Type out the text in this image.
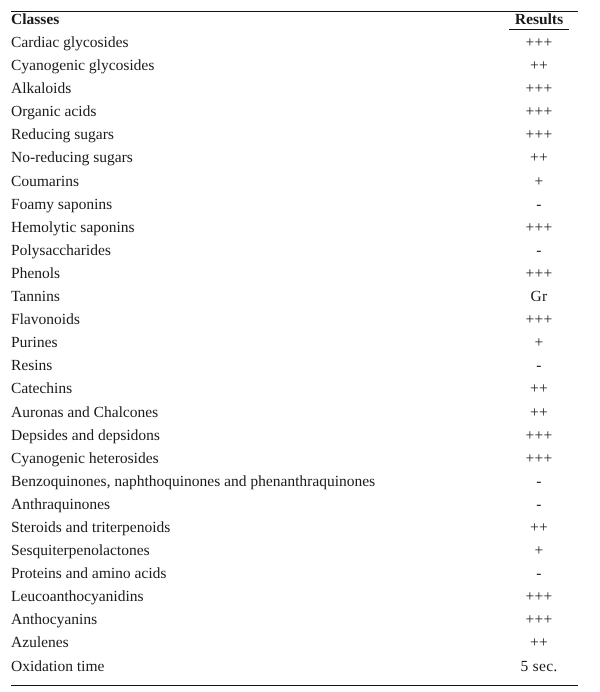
Classes	Results
Cardiac glycosides	+++
Cyanogenic glycosides	++
Alkaloids	+++
Organic acids	+++
Reducing sugars	+++
No-reducing sugars	++
Coumarins	+
Foamy saponins	-
Hemolytic saponins	+++
Polysaccharides	-
Phenols	+++
Tannins	Gr
Flavonoids	+++
Purines	+
Resins	-
Catechins	++
Auronas and Chalcones	++
Depsides and depsidons	+++
Cyanogenic heterosides	+++
Benzoquinones, naphthoquinones and phenanthraquinones	-
Anthraquinones	-
Steroids and triterpenoids	++
Sesquiterpenolactones	+
Proteins and amino acids	-
Leucoanthocyanidins	+++
Anthocyanins	+++
Azulenes	++
Oxidation time	5 sec.
